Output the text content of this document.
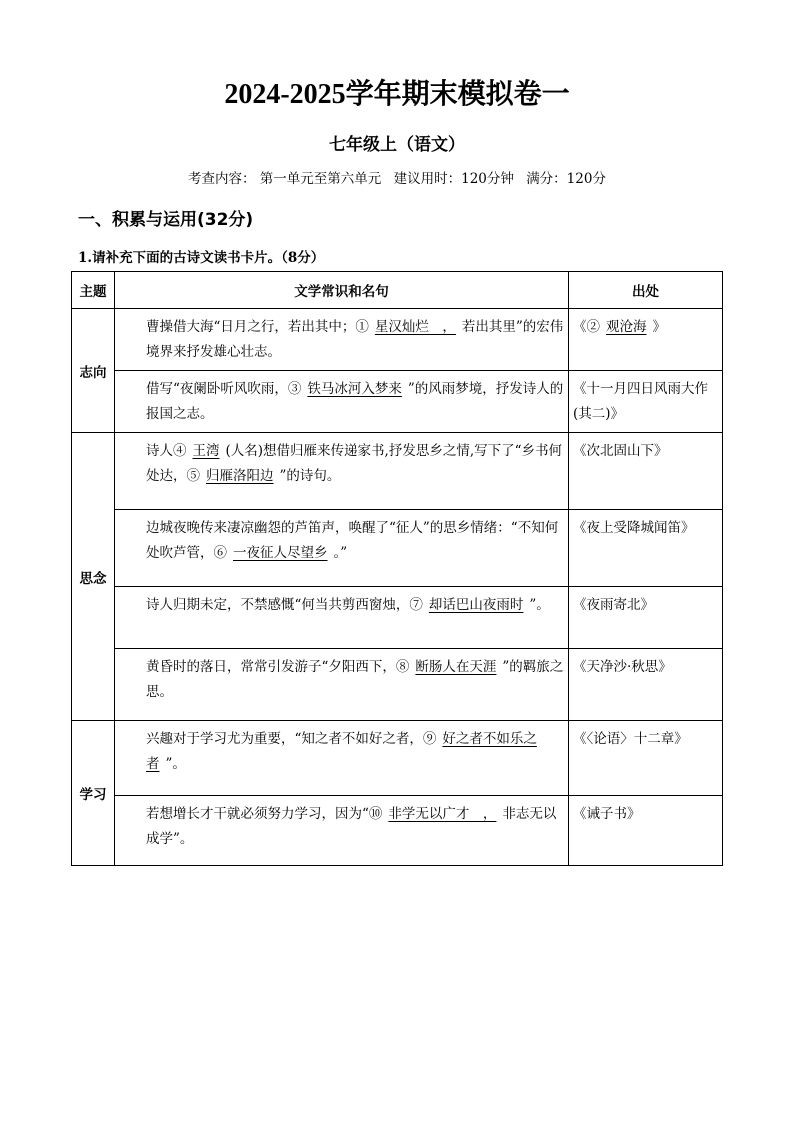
2024-2025学年期末模拟卷一
七年级上（语文）
考查内容： 第一单元至第六单元 建议用时：120分钟 满分：120分
一、积累与运用(32分)
1.请补充下面的古诗文读书卡片。（8分）
主题	文学常识和名句	出处
志向	曹操借大海“日月之行，若出其中；① 星汉灿烂　， 若出其里”的宏伟境界来抒发雄心壮志。	《② 观沧海 》

	借写“夜阑卧听风吹雨，③ 铁马冰河入梦来 ”的风雨梦境，抒发诗人的报国之志。	《十一月四日风雨大作(其二)》
思念	诗人④ 王湾 (人名)想借归雁来传递家书,抒发思乡之情,写下了“乡书何处达，⑤ 归雁洛阳边 ”的诗句。	《次北固山下》

	边城夜晚传来凄凉幽怨的芦笛声，唤醒了“征人”的思乡情绪：“不知何处吹芦管，⑥ 一夜征人尽望乡 。”	《夜上受降城闻笛》

	诗人归期未定，不禁感慨“何当共剪西窗烛，⑦ 却话巴山夜雨时 ”。	《夜雨寄北》

	黄昏时的落日，常常引发游子“夕阳西下，⑧ 断肠人在天涯 ”的羁旅之思。	《天净沙·秋思》
学习	兴趣对于学习尤为重要，“知之者不如好之者，⑨ 好之者不如乐之者 ”。	《〈论语〉十二章》

	若想增长才干就必须努力学习，因为“⑩ 非学无以广才　， 非志无以成学”。	《诫子书》
